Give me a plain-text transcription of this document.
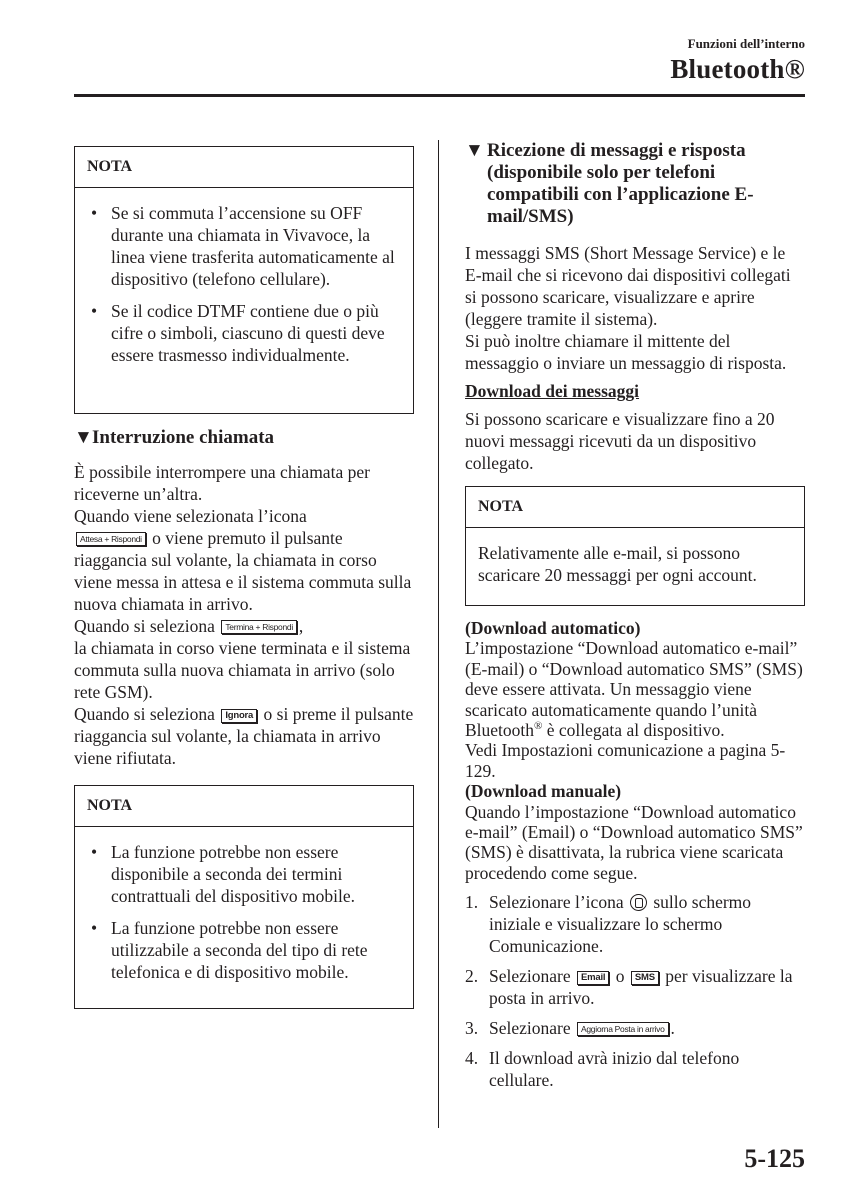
Funzioni dell’interno
Bluetooth®
NOTA
• Se si commuta l’accensione su OFF durante una chiamata in Vivavoce, la linea viene trasferita automaticamente al dispositivo (telefono cellulare).
• Se il codice DTMF contiene due o più cifre o simboli, ciascuno di questi deve essere trasmesso individualmente.
▼Interruzione chiamata

È possibile interrompere una chiamata per riceverne un’altra.

Quando viene selezionata l’icona
Attesa + Rispondi o viene premuto il pulsante riaggancia sul volante, la chiamata in corso viene messa in attesa e il sistema commuta sulla nuova chiamata in arrivo.

Quando si seleziona Termina + Rispondi ,
la chiamata in corso viene terminata e il sistema commuta sulla nuova chiamata in arrivo (solo rete GSM).

Quando si seleziona Ignora o si preme il pulsante riaggancia sul volante, la chiamata in arrivo viene rifiutata.

NOTA
• La funzione potrebbe non essere disponibile a seconda dei termini contrattuali del dispositivo mobile.
• La funzione potrebbe non essere utilizzabile a seconda del tipo di rete telefonica e di dispositivo mobile.
▼ Ricezione di messaggi e risposta (disponibile solo per telefoni compatibili con l’applicazione E-mail/SMS)

I messaggi SMS (Short Message Service) e le E-mail che si ricevono dai dispositivi collegati si possono scaricare, visualizzare e aprire (leggere tramite il sistema).

Si può inoltre chiamare il mittente del messaggio o inviare un messaggio di risposta.

Download dei messaggi

Si possono scaricare e visualizzare fino a 20 nuovi messaggi ricevuti da un dispositivo collegato.

NOTA

Relativamente alle e-mail, si possono scaricare 20 messaggi per ogni account.

(Download automatico)

L’impostazione “Download automatico e-mail” (E-mail) o “Download automatico SMS” (SMS) deve essere attivata. Un messaggio viene scaricato automaticamente quando l’unità Bluetooth® è collegata al dispositivo.

Vedi Impostazioni comunicazione a pagina 5-129.

(Download manuale)

Quando l’impostazione “Download automatico e-mail” (Email) o “Download automatico SMS” (SMS) è disattivata, la rubrica viene scaricata procedendo come segue.

1. Selezionare l’icona sullo schermo iniziale e visualizzare lo schermo Comunicazione.
2. Selezionare Email o SMS per visualizzare la posta in arrivo.
3. Selezionare Aggiorna Posta in arrivo .
4. Il download avrà inizio dal telefono cellulare.
5-125
